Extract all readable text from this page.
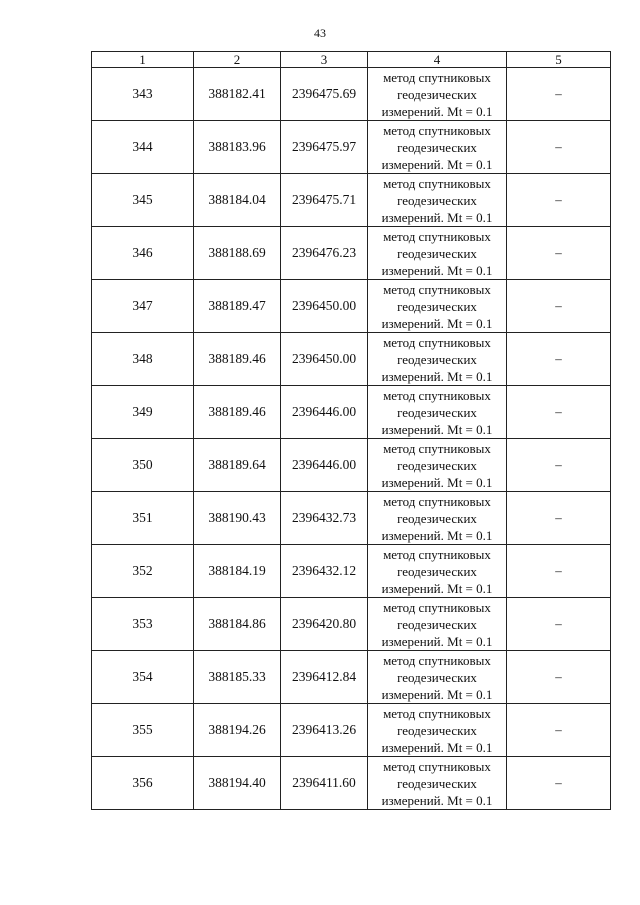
43
1	2	3	4	5
343	388182.41	2396475.69	метод спутниковых
геодезических
измерений. Mt = 0.1	–
344	388183.96	2396475.97	метод спутниковых
геодезических
измерений. Mt = 0.1	–
345	388184.04	2396475.71	метод спутниковых
геодезических
измерений. Mt = 0.1	–
346	388188.69	2396476.23	метод спутниковых
геодезических
измерений. Mt = 0.1	–
347	388189.47	2396450.00	метод спутниковых
геодезических
измерений. Mt = 0.1	–
348	388189.46	2396450.00	метод спутниковых
геодезических
измерений. Mt = 0.1	–
349	388189.46	2396446.00	метод спутниковых
геодезических
измерений. Mt = 0.1	–
350	388189.64	2396446.00	метод спутниковых
геодезических
измерений. Mt = 0.1	–
351	388190.43	2396432.73	метод спутниковых
геодезических
измерений. Mt = 0.1	–
352	388184.19	2396432.12	метод спутниковых
геодезических
измерений. Mt = 0.1	–
353	388184.86	2396420.80	метод спутниковых
геодезических
измерений. Mt = 0.1	–
354	388185.33	2396412.84	метод спутниковых
геодезических
измерений. Mt = 0.1	–
355	388194.26	2396413.26	метод спутниковых
геодезических
измерений. Mt = 0.1	–
356	388194.40	2396411.60	метод спутниковых
геодезических
измерений. Mt = 0.1	–
